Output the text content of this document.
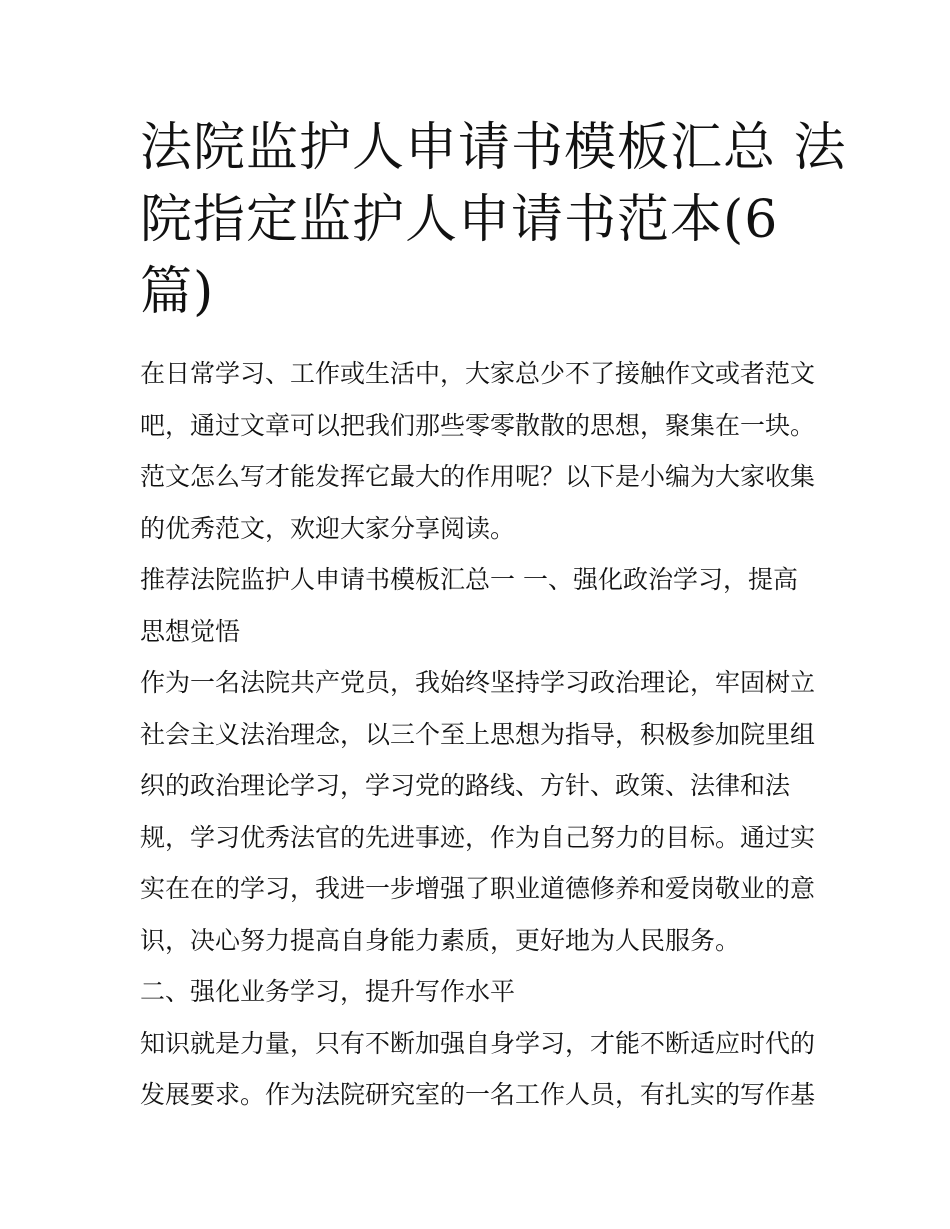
法院监护人申请书模板汇总 法
院指定监护人申请书范本(6
篇)
在日常学习、工作或生活中，大家总少不了接触作文或者范文
吧，通过文章可以把我们那些零零散散的思想，聚集在一块。
范文怎么写才能发挥它最大的作用呢？以下是小编为大家收集
的优秀范文，欢迎大家分享阅读。
推荐法院监护人申请书模板汇总一 一、强化政治学习，提高
思想觉悟
作为一名法院共产党员，我始终坚持学习政治理论，牢固树立
社会主义法治理念，以三个至上思想为指导，积极参加院里组
织的政治理论学习，学习党的路线、方针、政策、法律和法
规，学习优秀法官的先进事迹，作为自己努力的目标。通过实
实在在的学习，我进一步增强了职业道德修养和爱岗敬业的意
识，决心努力提高自身能力素质，更好地为人民服务。
二、强化业务学习，提升写作水平
知识就是力量，只有不断加强自身学习，才能不断适应时代的
发展要求。作为法院研究室的一名工作人员，有扎实的写作基
